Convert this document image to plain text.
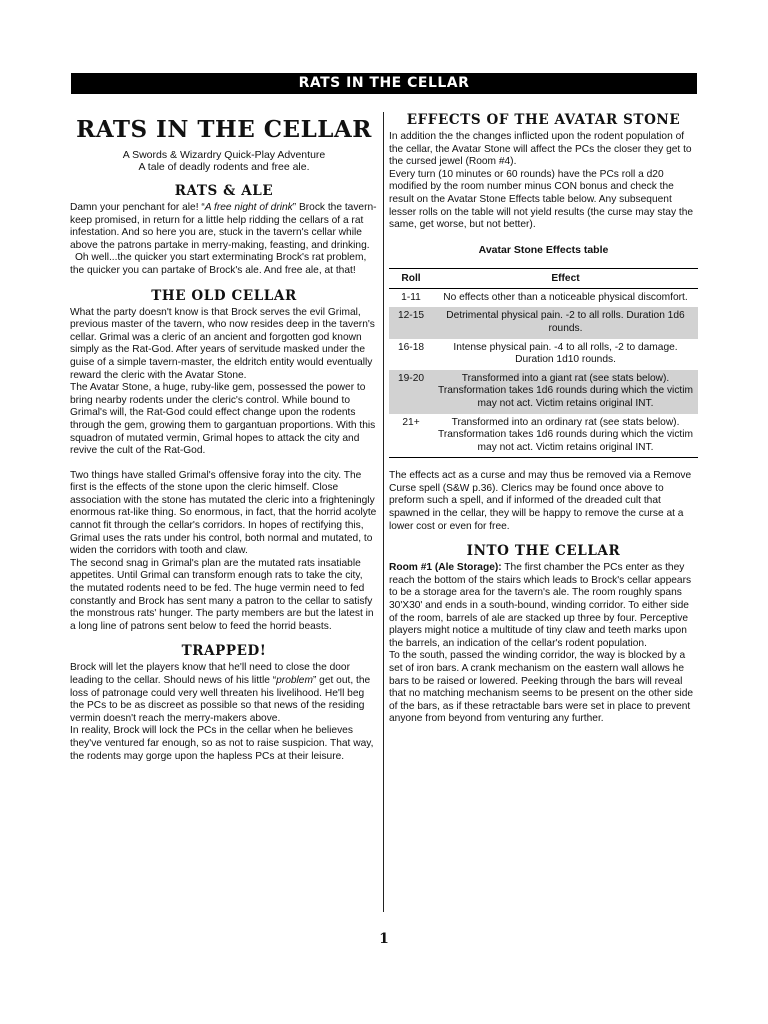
RATS IN THE CELLAR
RATS IN THE CELLAR
A Swords & Wizardry Quick-Play Adventure
A tale of deadly rodents and free ale.
RATS & ALE

Damn your penchant for ale! “A free night of drink” Brock the tavern-keep promised, in return for a little help ridding the cellars of a rat infestation. And so here you are, stuck in the tavern's cellar while above the patrons partake in merry-making, feasting, and drinking.

Oh well...the quicker you start exterminating Brock's rat problem, the quicker you can partake of Brock's ale. And free ale, at that!

THE OLD CELLAR

What the party doesn't know is that Brock serves the evil Grimal, previous master of the tavern, who now resides deep in the tavern's cellar. Grimal was a cleric of an ancient and forgotten god known simply as the Rat-God. After years of servitude masked under the guise of a simple tavern-master, the eldritch entity would eventually reward the cleric with the Avatar Stone.

The Avatar Stone, a huge, ruby-like gem, possessed the power to bring nearby rodents under the cleric's control. While bound to Grimal's will, the Rat-God could effect change upon the rodents through the gem, growing them to gargantuan proportions. With this squadron of mutated vermin, Grimal hopes to attack the city and revive the cult of the Rat-God.

Two things have stalled Grimal's offensive foray into the city. The first is the effects of the stone upon the cleric himself. Close association with the stone has mutated the cleric into a frighteningly enormous rat-like thing. So enormous, in fact, that the horrid acolyte cannot fit through the cellar's corridors. In hopes of rectifying this, Grimal uses the rats under his control, both normal and mutated, to widen the corridors with tooth and claw.

The second snag in Grimal's plan are the mutated rats insatiable appetites. Until Grimal can transform enough rats to take the city, the mutated rodents need to be fed. The huge vermin need to fed constantly and Brock has sent many a patron to the cellar to satisfy the monstrous rats' hunger. The party members are but the latest in a long line of patrons sent below to feed the horrid beasts.

TRAPPED!

Brock will let the players know that he'll need to close the door leading to the cellar. Should news of his little “problem” get out, the loss of patronage could very well threaten his livelihood. He'll beg the PCs to be as discreet as possible so that news of the residing vermin doesn't reach the merry-makers above.

In reality, Brock will lock the PCs in the cellar when he believes they've ventured far enough, so as not to raise suspicion. That way, the rodents may gorge upon the hapless PCs at their leisure.

EFFECTS OF THE AVATAR STONE

In addition the the changes inflicted upon the rodent population of the cellar, the Avatar Stone will affect the PCs the closer they get to the cursed jewel (Room #4).

Every turn (10 minutes or 60 rounds) have the PCs roll a d20 modified by the room number minus CON bonus and check the result on the Avatar Stone Effects table below. Any subsequent lesser rolls on the table will not yield results (the curse may stay the same, get worse, but not better).

Avatar Stone Effects table
Roll	Effect
1-11	No effects other than a noticeable physical discomfort.
12-15	Detrimental physical pain. -2 to all rolls. Duration 1d6 rounds.
16-18	Intense physical pain. -4 to all rolls, -2 to damage. Duration 1d10 rounds.
19-20	Transformed into a giant rat (see stats below). Transformation takes 1d6 rounds during which the victim may not act. Victim retains original INT.
21+	Transformed into an ordinary rat (see stats below). Transformation takes 1d6 rounds during which the victim may not act. Victim retains original INT.

The effects act as a curse and may thus be removed via a Remove Curse spell (S&W p.36). Clerics may be found once above to preform such a spell, and if informed of the dreaded cult that spawned in the cellar, they will be happy to remove the curse at a lower cost or even for free.

INTO THE CELLAR

Room #1 (Ale Storage): The first chamber the PCs enter as they reach the bottom of the stairs which leads to Brock's cellar appears to be a storage area for the tavern's ale. The room roughly spans 30'X30' and ends in a south-bound, winding corridor. To either side of the room, barrels of ale are stacked up three by four. Perceptive players might notice a multitude of tiny claw and teeth marks upon the barrels, an indication of the cellar's rodent population.

To the south, passed the winding corridor, the way is blocked by a set of iron bars. A crank mechanism on the eastern wall allows he bars to be raised or lowered. Peeking through the bars will reveal that no matching mechanism seems to be present on the other side of the bars, as if these retractable bars were set in place to prevent anyone from beyond from venturing any further.

1
